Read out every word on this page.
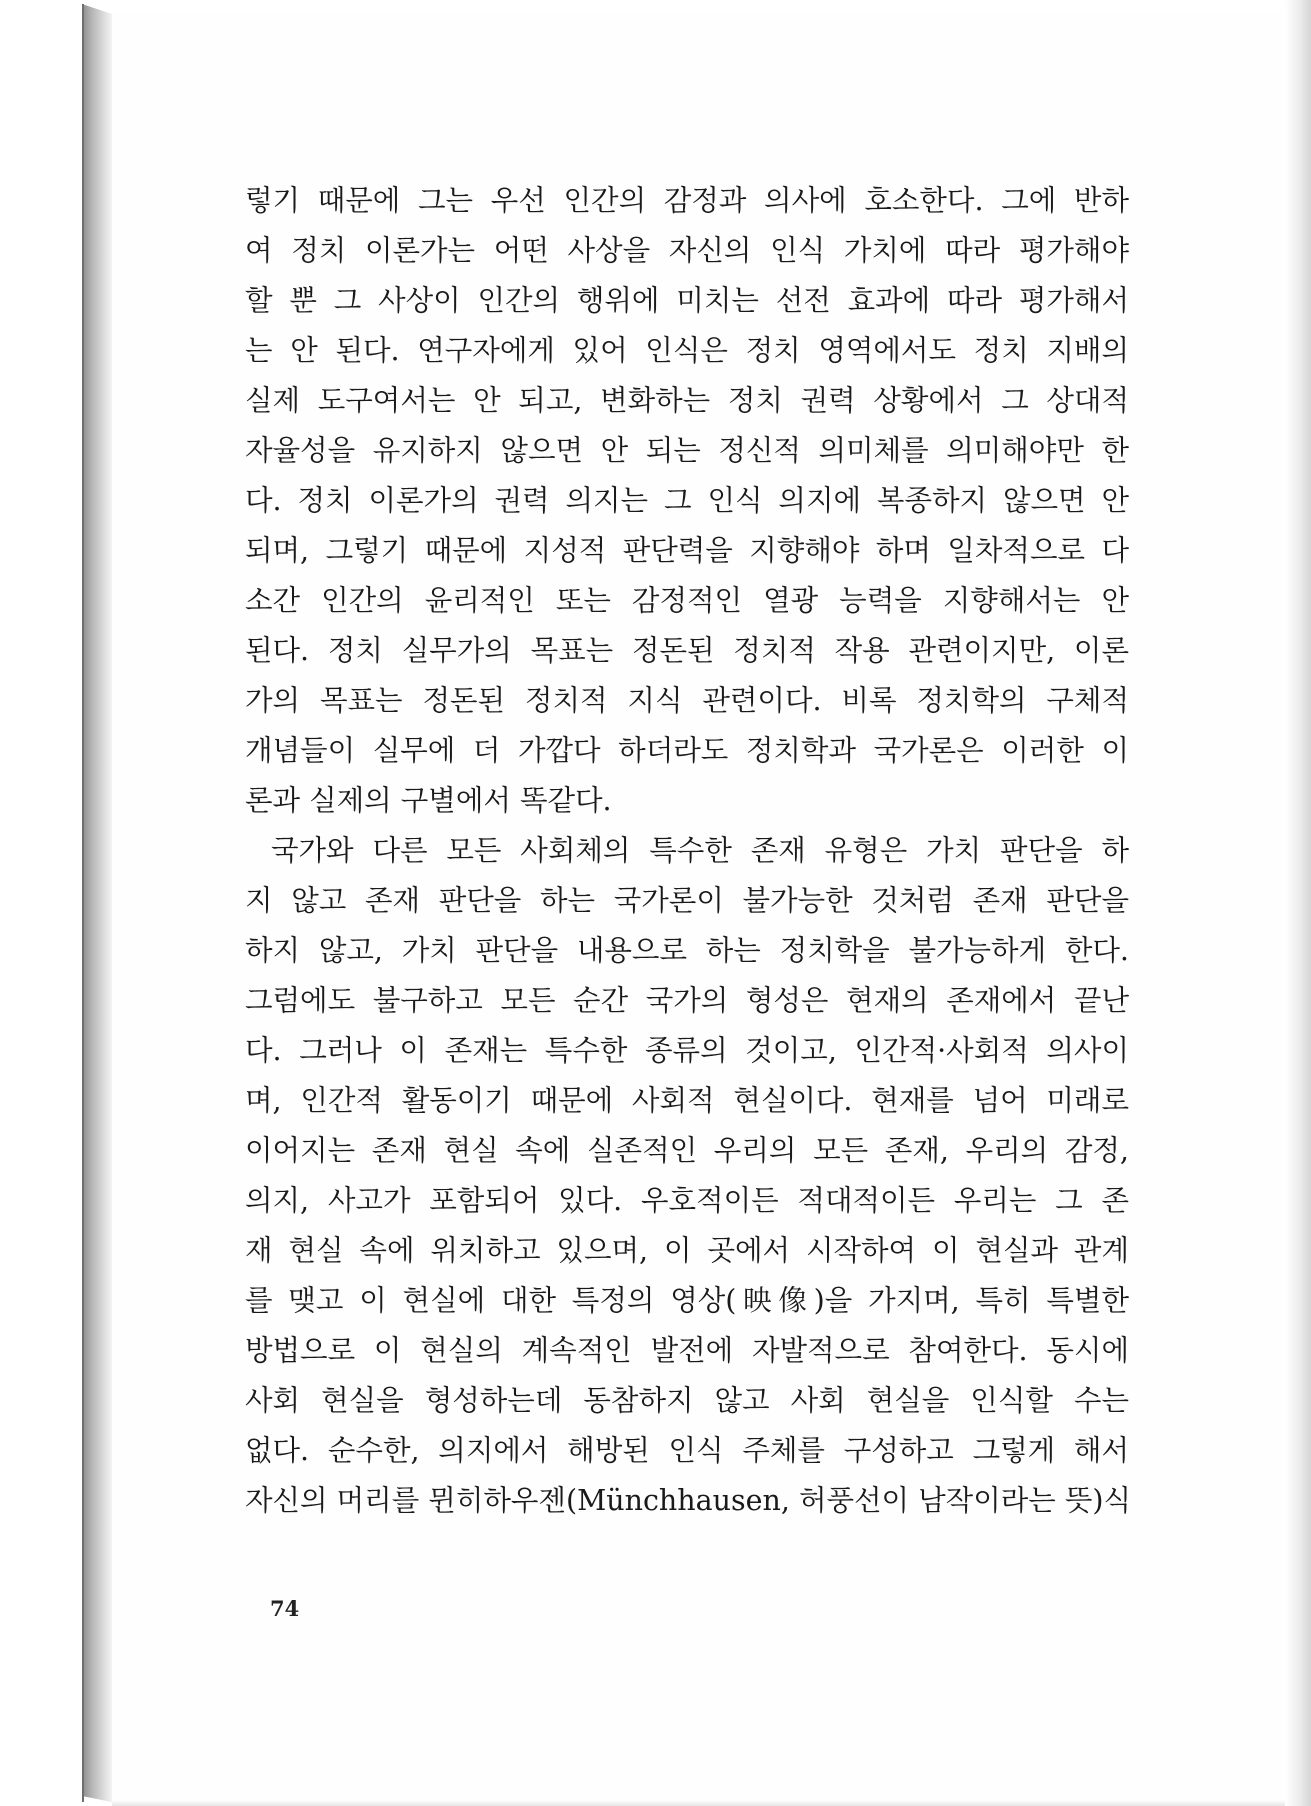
렇기 때문에 그는 우선 인간의 감정과 의사에 호소한다. 그에 반하
여 정치 이론가는 어떤 사상을 자신의 인식 가치에 따라 평가해야
할 뿐 그 사상이 인간의 행위에 미치는 선전 효과에 따라 평가해서
는 안 된다. 연구자에게 있어 인식은 정치 영역에서도 정치 지배의
실제 도구여서는 안 되고, 변화하는 정치 권력 상황에서 그 상대적
자율성을 유지하지 않으면 안 되는 정신적 의미체를 의미해야만 한
다. 정치 이론가의 권력 의지는 그 인식 의지에 복종하지 않으면 안
되며, 그렇기 때문에 지성적 판단력을 지향해야 하며 일차적으로 다
소간 인간의 윤리적인 또는 감정적인 열광 능력을 지향해서는 안
된다. 정치 실무가의 목표는 정돈된 정치적 작용 관련이지만, 이론
가의 목표는 정돈된 정치적 지식 관련이다. 비록 정치학의 구체적
개념들이 실무에 더 가깝다 하더라도 정치학과 국가론은 이러한 이
론과 실제의 구별에서 똑같다.
국가와 다른 모든 사회체의 특수한 존재 유형은 가치 판단을 하
지 않고 존재 판단을 하는 국가론이 불가능한 것처럼 존재 판단을
하지 않고, 가치 판단을 내용으로 하는 정치학을 불가능하게 한다.
그럼에도 불구하고 모든 순간 국가의 형성은 현재의 존재에서 끝난
다. 그러나 이 존재는 특수한 종류의 것이고, 인간적·사회적 의사이
며, 인간적 활동이기 때문에 사회적 현실이다. 현재를 넘어 미래로
이어지는 존재 현실 속에 실존적인 우리의 모든 존재, 우리의 감정,
의지, 사고가 포함되어 있다. 우호적이든 적대적이든 우리는 그 존
재 현실 속에 위치하고 있으며, 이 곳에서 시작하여 이 현실과 관계
를 맺고 이 현실에 대한 특정의 영상(映像)을 가지며, 특히 특별한
방법으로 이 현실의 계속적인 발전에 자발적으로 참여한다. 동시에
사회 현실을 형성하는데 동참하지 않고 사회 현실을 인식할 수는
없다. 순수한, 의지에서 해방된 인식 주체를 구성하고 그렇게 해서
자신의 머리를 뮌히하우젠(Münchhausen, 허풍선이 남작이라는 뜻)식
74
